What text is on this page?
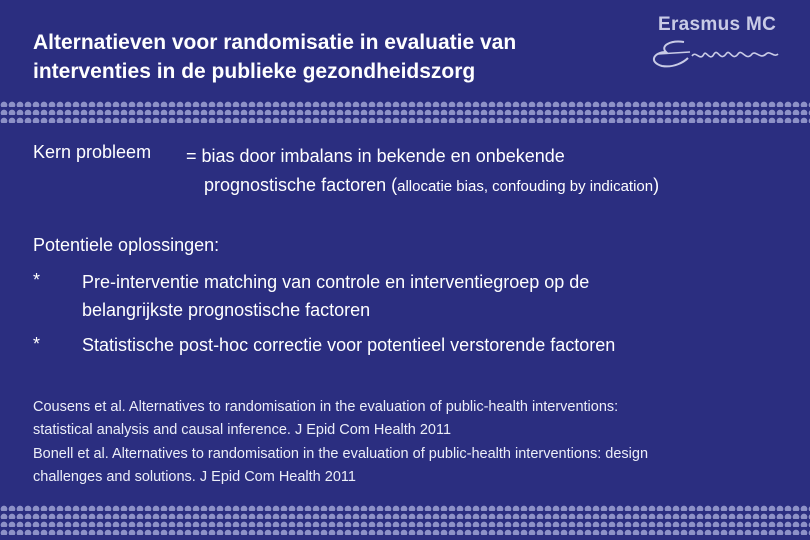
Alternatieven voor randomisatie in evaluatie van
interventies in de publieke gezondheidszorg
Erasmus MC
Kern probleem = bias door imbalans in bekende en onbekende
prognostische factoren (allocatie bias, confouding by indication)
Potentiele oplossingen:
* Pre-interventie matching van controle en interventiegroep op de
belangrijkste prognostische factoren
* Statistische post-hoc correctie voor potentieel verstorende factoren

Cousens et al. Alternatives to randomisation in the evaluation of public-health interventions:
statistical analysis and causal inference. J Epid Com Health 2011

Bonell et al. Alternatives to randomisation in the evaluation of public-health interventions: design
challenges and solutions. J Epid Com Health 2011
